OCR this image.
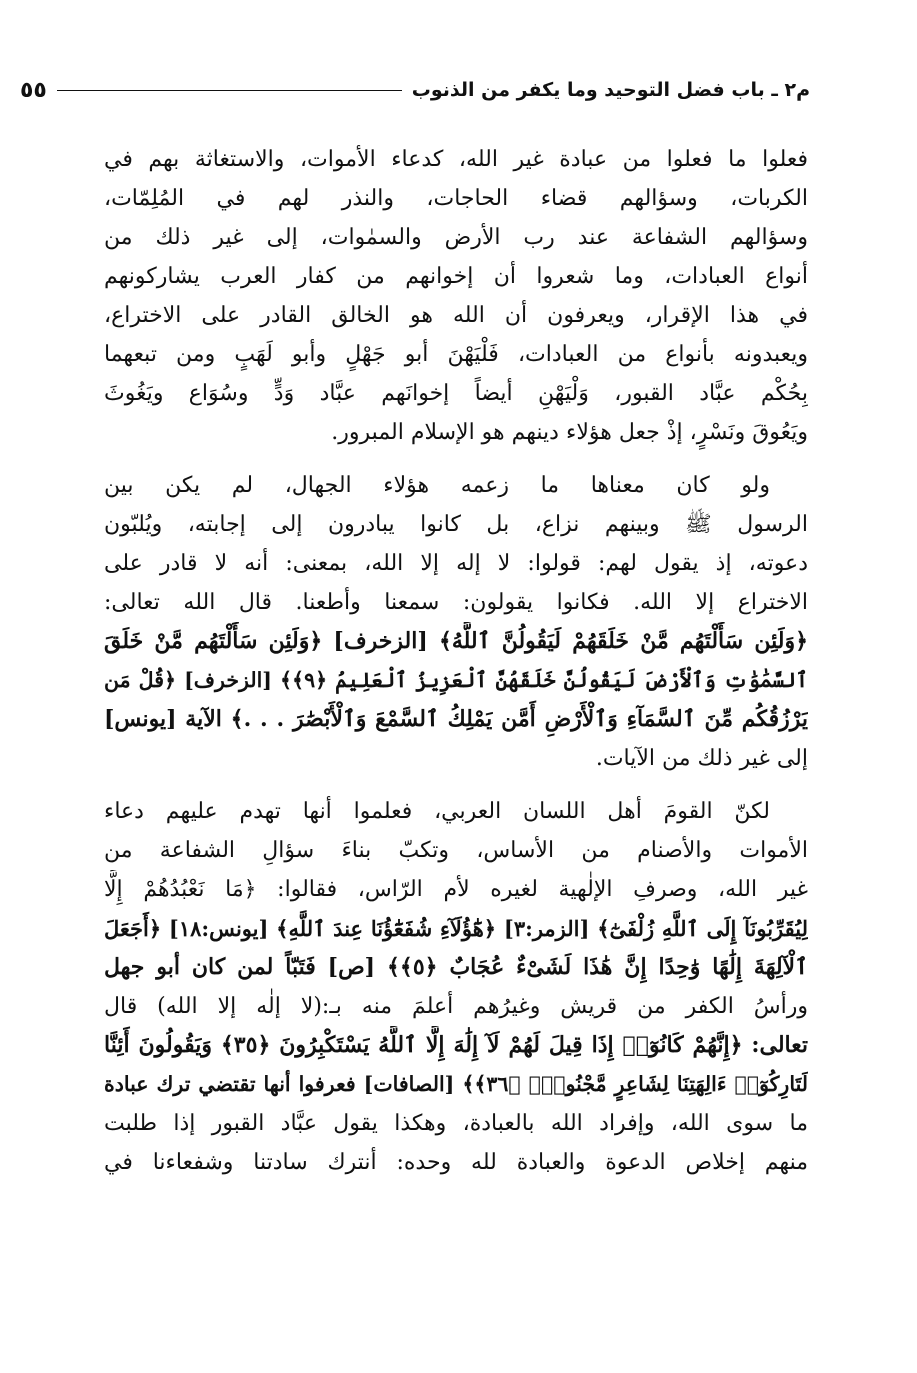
م٢ ـ باب فضل التوحيد وما يكفر من الذنوب
٥٥
فعلوا ما فعلوا من عبادة غير الله، كدعاء الأموات، والاستغاثة بهم في
الكربات، وسؤالهم قضاء الحاجات، والنذر لهم في المُلِمّات،
وسؤالهم الشفاعة عند رب الأرض والسمٰوات، إلى غير ذلك من
أنواع العبادات، وما شعروا أن إخوانهم من كفار العرب يشاركونهم
في هذا الإقرار، ويعرفون أن الله هو الخالق القادر على الاختراع،
ويعبدونه بأنواع من العبادات، فَلْيَهْنَ أبو جَهْلٍ وأبو لَهَبٍ ومن تبعهما
بِحُكْم عبَّاد القبور، وَلْيَهْنِ أيضاً إخوانَهم عبَّاد وَدٍّ وسُوَاع ويَغُوثَ
ويَعُوقَ ونَسْرٍ، إذْ جعل هؤلاء دينهم هو الإسلام المبرور.
ولو كان معناها ما زعمه هؤلاء الجهال، لم يكن بين
الرسول ﷺ وبينهم نزاع، بل كانوا يبادرون إلى إجابته، ويُلبّون
دعوته، إذ يقول لهم: قولوا: لا إله إلا الله، بمعنى: أنه لا قادر على
الاختراع إلا الله. فكانوا يقولون: سمعنا وأطعنا. قال الله تعالى:
﴿وَلَئِن سَأَلْتَهُم مَّنْ خَلَقَهُمْ لَيَقُولُنَّ ٱللَّهُ﴾ [الزخرف] ﴿وَلَئِن سَأَلْتَهُم مَّنْ خَلَقَ
ٱلسَّمَٰوَٰتِ وَٱلْأَرْضَ لَيَقُولُنَّ خَلَقَهُنَّ ٱلْعَزِيزُ ٱلْعَلِيمُ ﴿٩﴾﴾ [الزخرف] ﴿قُلْ مَن
يَرْزُقُكُم مِّنَ ٱلسَّمَآءِ وَٱلْأَرْضِ أَمَّن يَمْلِكُ ٱلسَّمْعَ وَٱلْأَبْصَٰرَ . . .﴾ الآية [يونس]
إلى غير ذلك من الآيات.
لكنّ القومَ أهل اللسان العربي، فعلموا أنها تهدم عليهم دعاء
الأموات والأصنام من الأساس، وتكبّ بناءَ سؤالِ الشفاعة من
غير الله، وصرفِ الإلٰهية لغيره لأم الرّاس، فقالوا: ﴿مَا نَعْبُدُهُمْ إِلَّا
لِيُقَرِّبُونَآ إِلَى ٱللَّهِ زُلْفَىٰٓ﴾ [الزمر:٣] ﴿هَٰٓؤُلَآءِ شُفَعَٰٓؤُنَا عِندَ ٱللَّهِ﴾ [يونس:١٨] ﴿أَجَعَلَ
ٱلْآلِهَةَ إِلَٰهًا وَٰحِدًا إِنَّ هَٰذَا لَشَىْءٌ عُجَابٌ ﴿٥﴾﴾ [ص] فَتَبّاً لمن كان أبو جهل
ورأسُ الكفر من قريش وغيرُهم أعلمَ منه بـ:(لا إلٰه إلا الله) قال
تعالى: ﴿إِنَّهُمْ كَانُوٓا۟ إِذَا قِيلَ لَهُمْ لَآ إِلَٰهَ إِلَّا ٱللَّهُ يَسْتَكْبِرُونَ ﴿٣٥﴾ وَيَقُولُونَ أَئِنَّا
لَتَارِكُوٓا۟ ءَالِهَتِنَا لِشَاعِرٍ مَّجْنُونٍۭ ﴿٣٦﴾﴾ [الصافات] فعرفوا أنها تقتضي ترك عبادة
ما سوى الله، وإفراد الله بالعبادة، وهكذا يقول عبَّاد القبور إذا طلبت
منهم إخلاص الدعوة والعبادة لله وحده: أنترك سادتنا وشفعاءنا في
